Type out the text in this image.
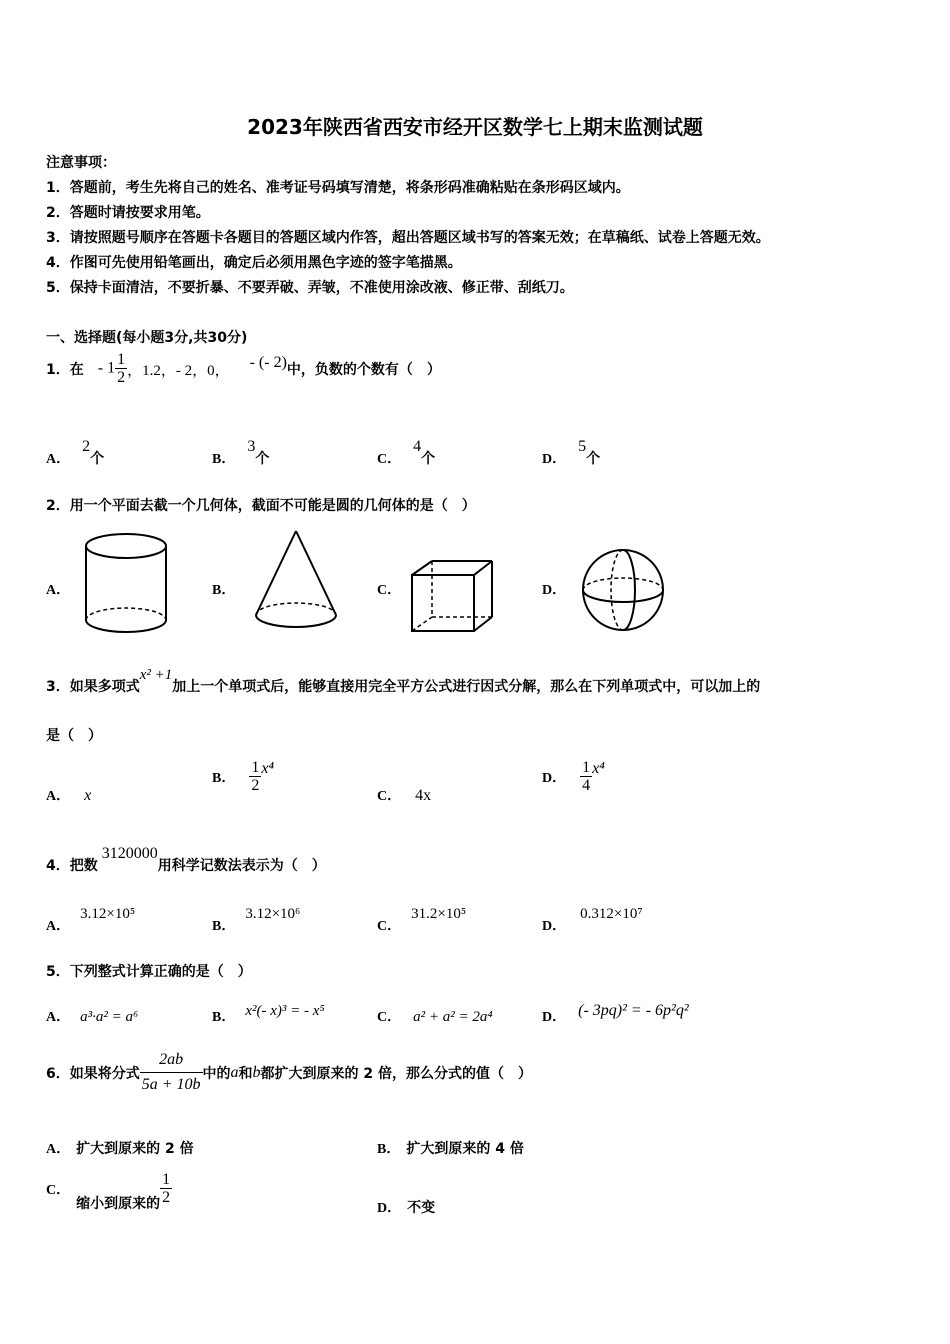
2023年陕西省西安市经开区数学七上期末监测试题
注意事项：
1．答题前，考生先将自己的姓名、准考证号码填写清楚，将条形码准确粘贴在条形码区域内。
2．答题时请按要求用笔。
3．请按照题号顺序在答题卡各题目的答题区域内作答，超出答题区域书写的答案无效；在草稿纸、试卷上答题无效。
4．作图可先使用铅笔画出，确定后必须用黑色字迹的签字笔描黑。
5．保持卡面清洁，不要折暴、不要弄破、弄皱，不准使用涂改液、修正带、刮纸刀。
一、选择题(每小题3分,共30分)
1．在 - $1 \frac{1}{2}$ ，1.2，- 2，0， - (- 2) 中，负数的个数有（　）
A．2个	B．3个	C．4个	D．5个
2．用一个平面去截一个几何体，截面不可能是圆的几何体的是（　）
A．	B．	C．	D．
3．如果多项式x² +1加上一个单项式后，能够直接用完全平方公式进行因式分解，那么在下列单项式中，可以加上的
是（　）
A． x
B． $\frac{1}{2} x^4$
C． 4x
D． $\frac{1}{4} x^4$
4．把数3120000用科学记数法表示为（　）
A．3.12×10⁵
B．3.12×10⁶
C．31.2×10⁵
D．0.312×10⁷
5．下列整式计算正确的是（　）
A． a³·a² = a⁶	B． x²(- x)³ = - x⁵	C． a² + a² = 2a⁴	D． (- 3pq)² = - 6p²q²
6．如果将分式 $\frac{2ab}{5a + 10b}$ 中的 a 和 b 都扩大到原来的 2 倍，那么分式的值（　）
A． 扩大到原来的 2 倍	B． 扩大到原来的 4 倍
C．
缩小到原来的 $\frac{1}{2}$
D． 不变
